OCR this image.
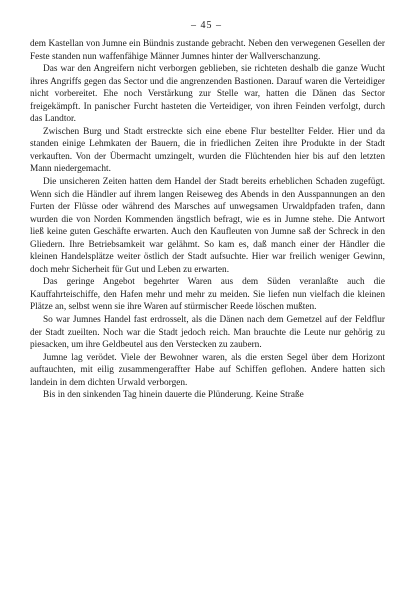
– 45 –

dem Kastellan von Jumne ein Bündnis zustande gebracht. Neben den verwegenen Gesellen der Feste standen nun waffenfähige Männer Jumnes hinter der Wallverschanzung.

Das war den Angreifern nicht verborgen geblieben, sie richteten deshalb die ganze Wucht ihres Angriffs gegen das Sector und die angrenzenden Bastionen. Darauf waren die Verteidiger nicht vorbereitet. Ehe noch Verstärkung zur Stelle war, hatten die Dänen das Sector freigekämpft. In panischer Furcht hasteten die Verteidiger, von ihren Feinden verfolgt, durch das Landtor.

Zwischen Burg und Stadt erstreckte sich eine ebene Flur bestellter Felder. Hier und da standen einige Lehmkaten der Bauern, die in friedlichen Zeiten ihre Produkte in der Stadt verkauften. Von der Übermacht umzingelt, wurden die Flüchtenden hier bis auf den letzten Mann niedergemacht.

Die unsicheren Zeiten hatten dem Handel der Stadt bereits erheblichen Schaden zugefügt. Wenn sich die Händler auf ihrem langen Reiseweg des Abends in den Ausspannungen an den Furten der Flüsse oder während des Marsches auf unwegsamen Urwaldpfaden trafen, dann wurden die von Norden Kommenden ängstlich befragt, wie es in Jumne stehe. Die Antwort ließ keine guten Geschäfte erwarten. Auch den Kaufleuten von Jumne saß der Schreck in den Gliedern. Ihre Betriebsamkeit war gelähmt. So kam es, daß manch einer der Händler die kleinen Handelsplätze weiter östlich der Stadt aufsuchte. Hier war freilich weniger Gewinn, doch mehr Sicherheit für Gut und Leben zu erwarten.

Das geringe Angebot begehrter Waren aus dem Süden veranlaßte auch die Kauffahrteischiffe, den Hafen mehr und mehr zu meiden. Sie liefen nun vielfach die kleinen Plätze an, selbst wenn sie ihre Waren auf stürmischer Reede löschen mußten.

So war Jumnes Handel fast erdrosselt, als die Dänen nach dem Gemetzel auf der Feldflur der Stadt zueilten. Noch war die Stadt jedoch reich. Man brauchte die Leute nur gehörig zu piesacken, um ihre Geldbeutel aus den Verstecken zu zaubern.

Jumne lag verödet. Viele der Bewohner waren, als die ersten Segel über dem Horizont auftauchten, mit eilig zusammengeraffter Habe auf Schiffen geflohen. Andere hatten sich landein in dem dichten Urwald verborgen.

Bis in den sinkenden Tag hinein dauerte die Plünderung. Keine Straße
